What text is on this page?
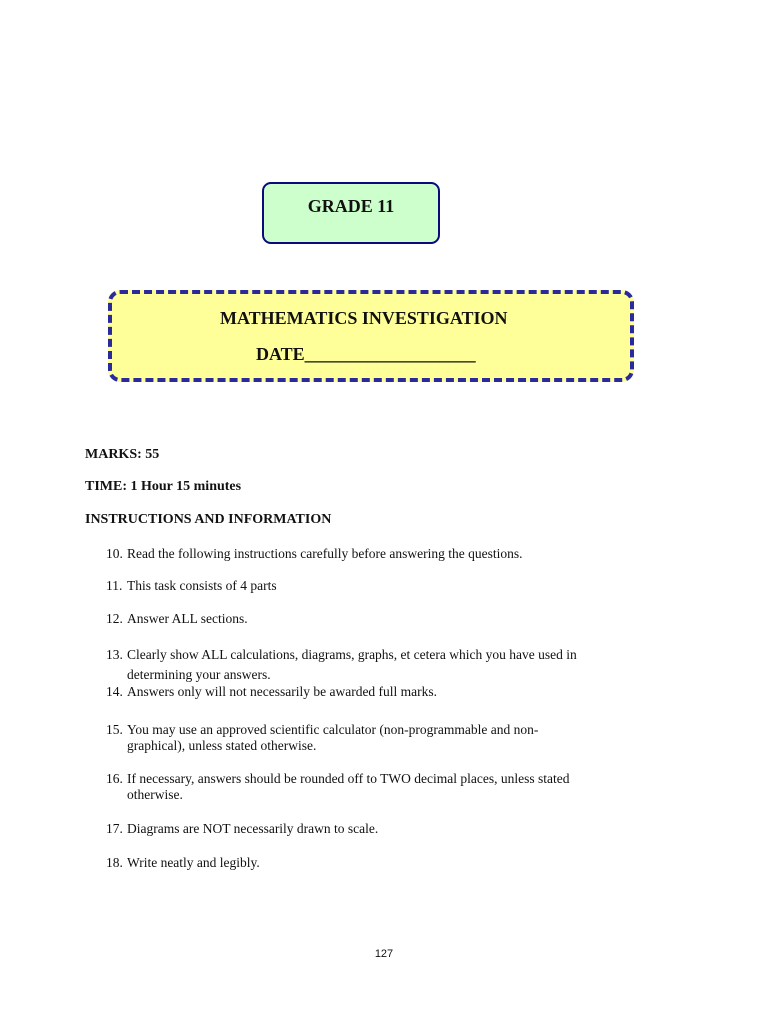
GRADE 11
MATHEMATICS INVESTIGATION
DATE___________________
MARKS: 55
TIME: 1 Hour 15 minutes
INSTRUCTIONS AND INFORMATION
10. Read the following instructions carefully before answering the questions.
11. This task consists of 4 parts
12. Answer ALL sections.
13. Clearly show ALL calculations, diagrams, graphs, et cetera which you have used in
determining your answers.
14. Answers only will not necessarily be awarded full marks.
15. You may use an approved scientific calculator (non-programmable and non-
graphical), unless stated otherwise.
16. If necessary, answers should be rounded off to TWO decimal places, unless stated
otherwise.
17. Diagrams are NOT necessarily drawn to scale.
18. Write neatly and legibly.
127
